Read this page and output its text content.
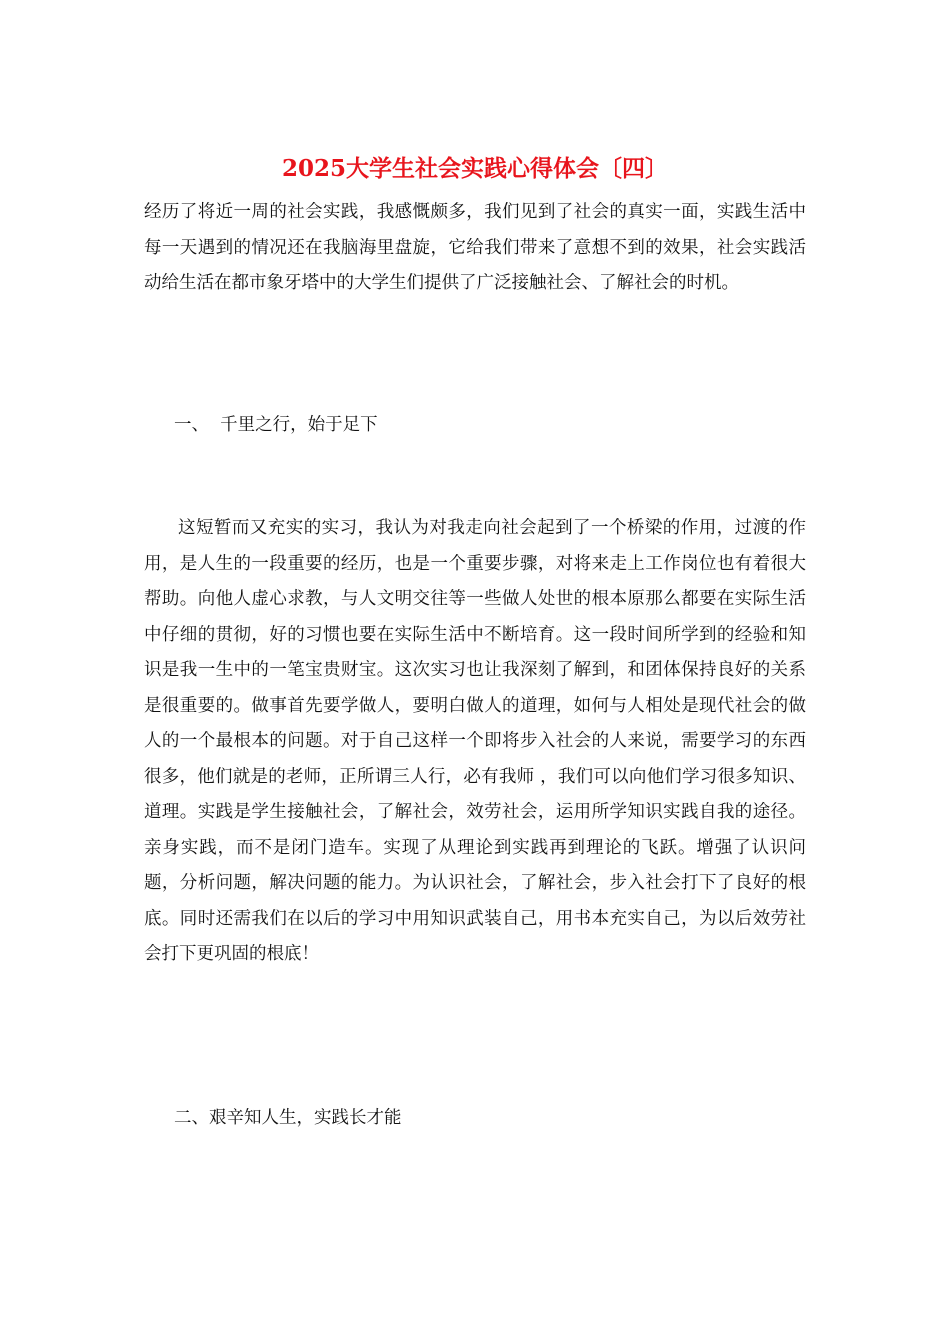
2025大学生社会实践心得体会〔四〕

经历了将近一周的社会实践，我感慨颇多，我们见到了社会的真实一面，实践生活中每一天遇到的情况还在我脑海里盘旋，它给我们带来了意想不到的效果，社会实践活动给生活在都市象牙塔中的大学生们提供了广泛接触社会、了解社会的时机。

一、  千里之行，始于足下

这短暂而又充实的实习，我认为对我走向社会起到了一个桥梁的作用，过渡的作用，是人生的一段重要的经历，也是一个重要步骤，对将来走上工作岗位也有着很大帮助。向他人虚心求教，与人文明交往等一些做人处世的根本原那么都要在实际生活中仔细的贯彻，好的习惯也要在实际生活中不断培育。这一段时间所学到的经验和知识是我一生中的一笔宝贵财宝。这次实习也让我深刻了解到，和团体保持良好的关系是很重要的。做事首先要学做人，要明白做人的道理，如何与人相处是现代社会的做人的一个最根本的问题。对于自己这样一个即将步入社会的人来说，需要学习的东西很多，他们就是的老师，正所谓三人行，必有我师 ，我们可以向他们学习很多知识、道理。实践是学生接触社会，了解社会，效劳社会，运用所学知识实践自我的途径。亲身实践，而不是闭门造车。实现了从理论到实践再到理论的飞跃。增强了认识问题，分析问题，解决问题的能力。为认识社会，了解社会，步入社会打下了良好的根底。同时还需我们在以后的学习中用知识武装自己，用书本充实自己，为以后效劳社会打下更巩固的根底！

二、艰辛知人生，实践长才能
